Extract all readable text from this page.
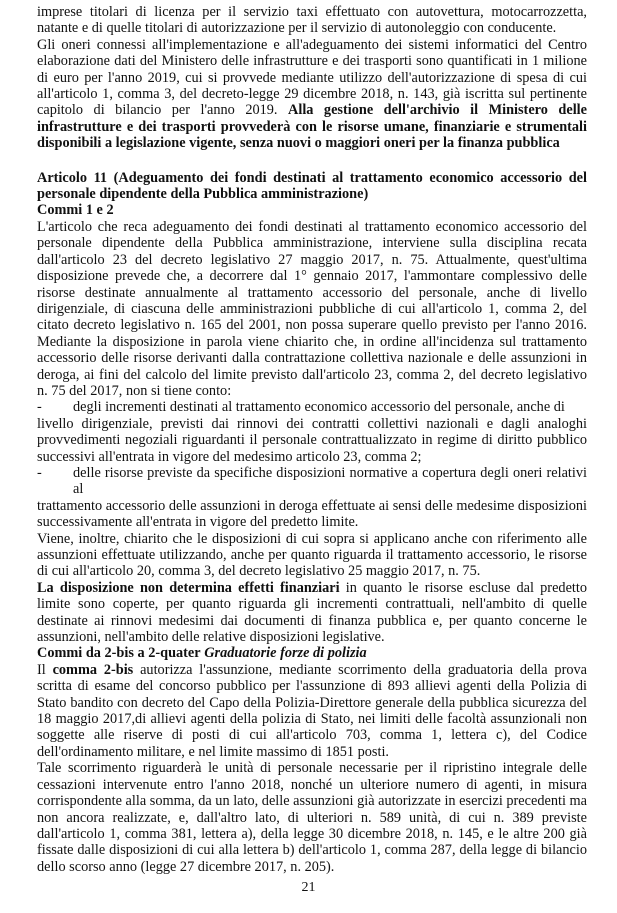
imprese titolari di licenza per il servizio taxi effettuato con autovettura, motocarrozzetta, natante e di quelle titolari di autorizzazione per il servizio di autonoleggio con conducente.

Gli oneri connessi all'implementazione e all'adeguamento dei sistemi informatici del Centro elaborazione dati del Ministero delle infrastrutture e dei trasporti sono quantificati in 1 milione di euro per l'anno 2019, cui si provvede mediante utilizzo dell'autorizzazione di spesa di cui all'articolo 1, comma 3, del decreto-legge 29 dicembre 2018, n. 143, già iscritta sul pertinente capitolo di bilancio per l'anno 2019. Alla gestione dell'archivio il Ministero delle infrastrutture e dei trasporti provvederà con le risorse umane, finanziarie e strumentali disponibili a legislazione vigente, senza nuovi o maggiori oneri per la finanza pubblica

Articolo 11 (Adeguamento dei fondi destinati al trattamento economico accessorio del personale dipendente della Pubblica amministrazione)

Commi 1 e 2

L'articolo che reca adeguamento dei fondi destinati al trattamento economico accessorio del personale dipendente della Pubblica amministrazione, interviene sulla disciplina recata dall'articolo 23 del decreto legislativo 27 maggio 2017, n. 75. Attualmente, quest'ultima disposizione prevede che, a decorrere dal 1° gennaio 2017, l'ammontare complessivo delle risorse destinate annualmente al trattamento accessorio del personale, anche di livello dirigenziale, di ciascuna delle amministrazioni pubbliche di cui all'articolo 1, comma 2, del citato decreto legislativo n. 165 del 2001, non possa superare quello previsto per l'anno 2016. Mediante la disposizione in parola viene chiarito che, in ordine all'incidenza sul trattamento accessorio delle risorse derivanti dalla contrattazione collettiva nazionale e delle assunzioni in deroga, ai fini del calcolo del limite previsto dall'articolo 23, comma 2, del decreto legislativo n. 75 del 2017, non si tiene conto:

-	degli incrementi destinati al trattamento economico accessorio del personale, anche di

livello dirigenziale, previsti dai rinnovi dei contratti collettivi nazionali e dagli analoghi provvedimenti negoziali riguardanti il personale contrattualizzato in regime di diritto pubblico successivi all'entrata in vigore del medesimo articolo 23, comma 2;

-	delle risorse previste da specifiche disposizioni normative a copertura degli oneri relativi al

trattamento accessorio delle assunzioni in deroga effettuate ai sensi delle medesime disposizioni successivamente all'entrata in vigore del predetto limite.

Viene, inoltre, chiarito che le disposizioni di cui sopra si applicano anche con riferimento alle assunzioni effettuate utilizzando, anche per quanto riguarda il trattamento accessorio, le risorse di cui all'articolo 20, comma 3, del decreto legislativo 25 maggio 2017, n. 75.

La disposizione non determina effetti finanziari in quanto le risorse escluse dal predetto limite sono coperte, per quanto riguarda gli incrementi contrattuali, nell'ambito di quelle destinate ai rinnovi medesimi dai documenti di finanza pubblica e, per quanto concerne le assunzioni, nell'ambito delle relative disposizioni legislative.

Commi da 2-bis a 2-quater Graduatorie forze di polizia

Il comma 2-bis autorizza l'assunzione, mediante scorrimento della graduatoria della prova scritta di esame del concorso pubblico per l'assunzione di 893 allievi agenti della Polizia di Stato bandito con decreto del Capo della Polizia-Direttore generale della pubblica sicurezza del 18 maggio 2017,di allievi agenti della polizia di Stato, nei limiti delle facoltà assunzionali non soggette alle riserve di posti di cui all'articolo 703, comma 1, lettera c), del Codice dell'ordinamento militare, e nel limite massimo di 1851 posti.

Tale scorrimento riguarderà le unità di personale necessarie per il ripristino integrale delle cessazioni intervenute entro l'anno 2018, nonché un ulteriore numero di agenti, in misura corrispondente alla somma, da un lato, delle assunzioni già autorizzate in esercizi precedenti ma non ancora realizzate, e, dall'altro lato, di ulteriori n. 589 unità, di cui n. 389 previste dall'articolo 1, comma 381, lettera a), della legge 30 dicembre 2018, n. 145, e le altre 200 già fissate dalle disposizioni di cui alla lettera b) dell'articolo 1, comma 287, della legge di bilancio dello scorso anno (legge 27 dicembre 2017, n. 205).

21
